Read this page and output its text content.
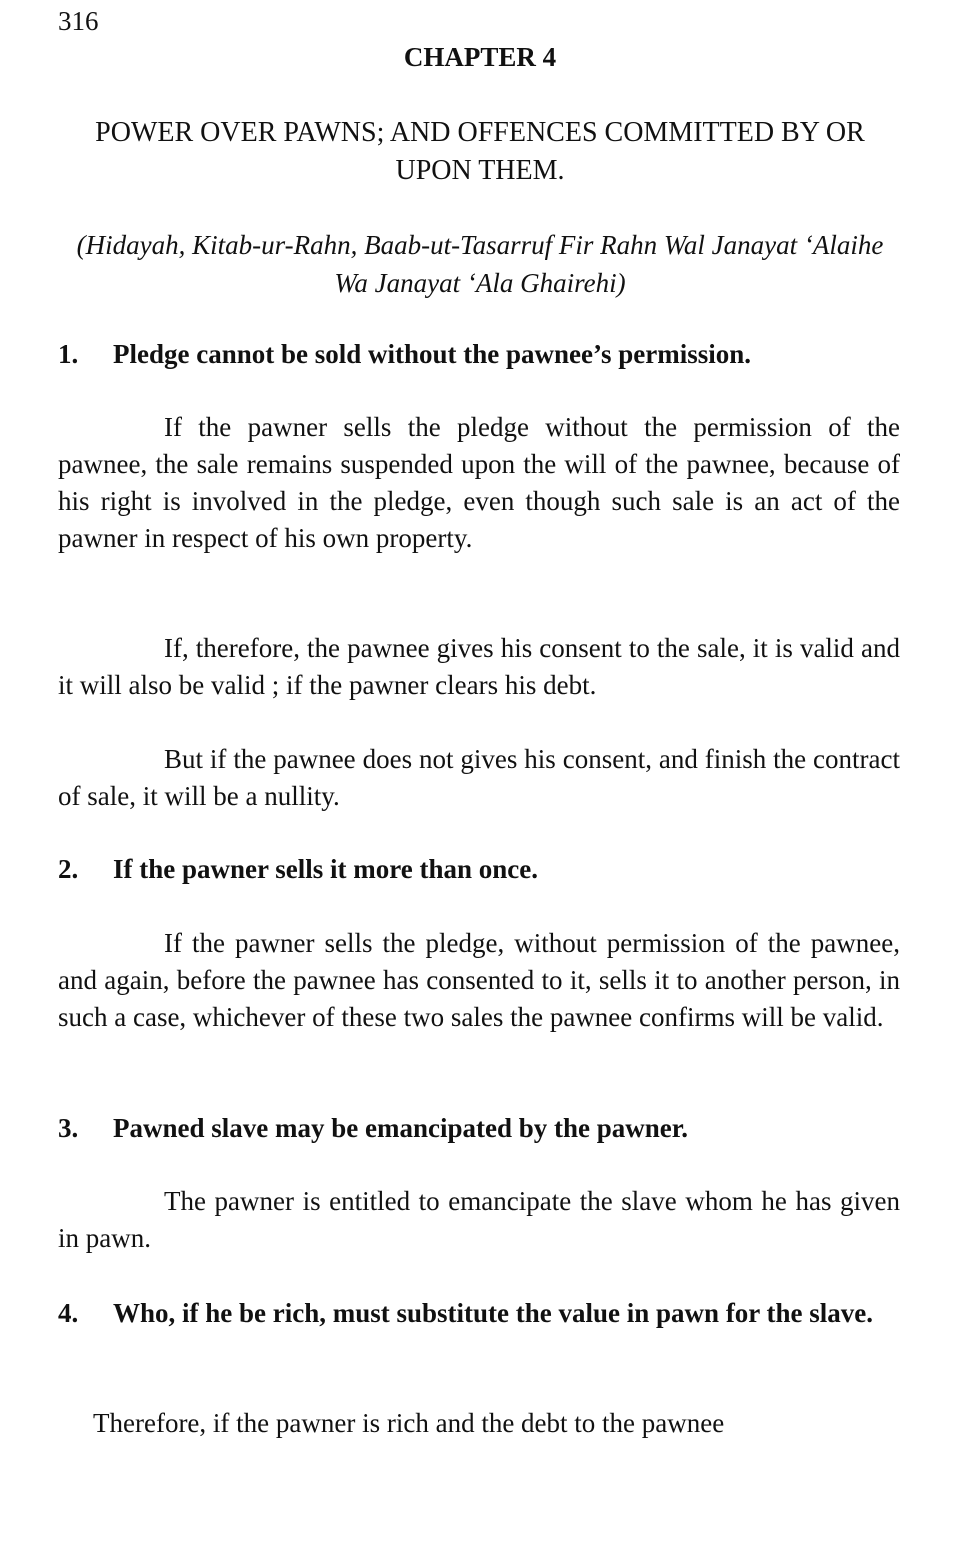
316
CHAPTER 4
POWER OVER PAWNS; AND OFFENCES COMMITTED BY OR UPON THEM.

(Hidayah, Kitab-ur-Rahn, Baab-ut-Tasarruf Fir Rahn Wal Janayat ‘Alaihe Wa Janayat ‘Ala Ghairehi)

1.	Pledge cannot be sold without the pawnee’s permission.

If the pawner sells the pledge without the permission of the pawnee, the sale remains suspended upon the will of the pawnee, because of his right is involved in the pledge, even though such sale is an act of the pawner in respect of his own property.

If, therefore, the pawnee gives his consent to the sale, it is valid and it will also be valid ; if the pawner clears his debt.

But if the pawnee does not gives his consent, and finish the contract of sale, it will be a nullity.

2.	If the pawner sells it more than once.

If the pawner sells the pledge, without permission of the pawnee, and again, before the pawnee has consented to it, sells it to another person, in such a case, whichever of these two sales the pawnee confirms will be valid.

3.	Pawned slave may be emancipated by the pawner.

The pawner is entitled to emancipate the slave whom he has given in pawn.

4.	Who, if he be rich, must substitute the value in pawn for the slave.

Therefore, if the pawner is rich and the debt to the pawnee
